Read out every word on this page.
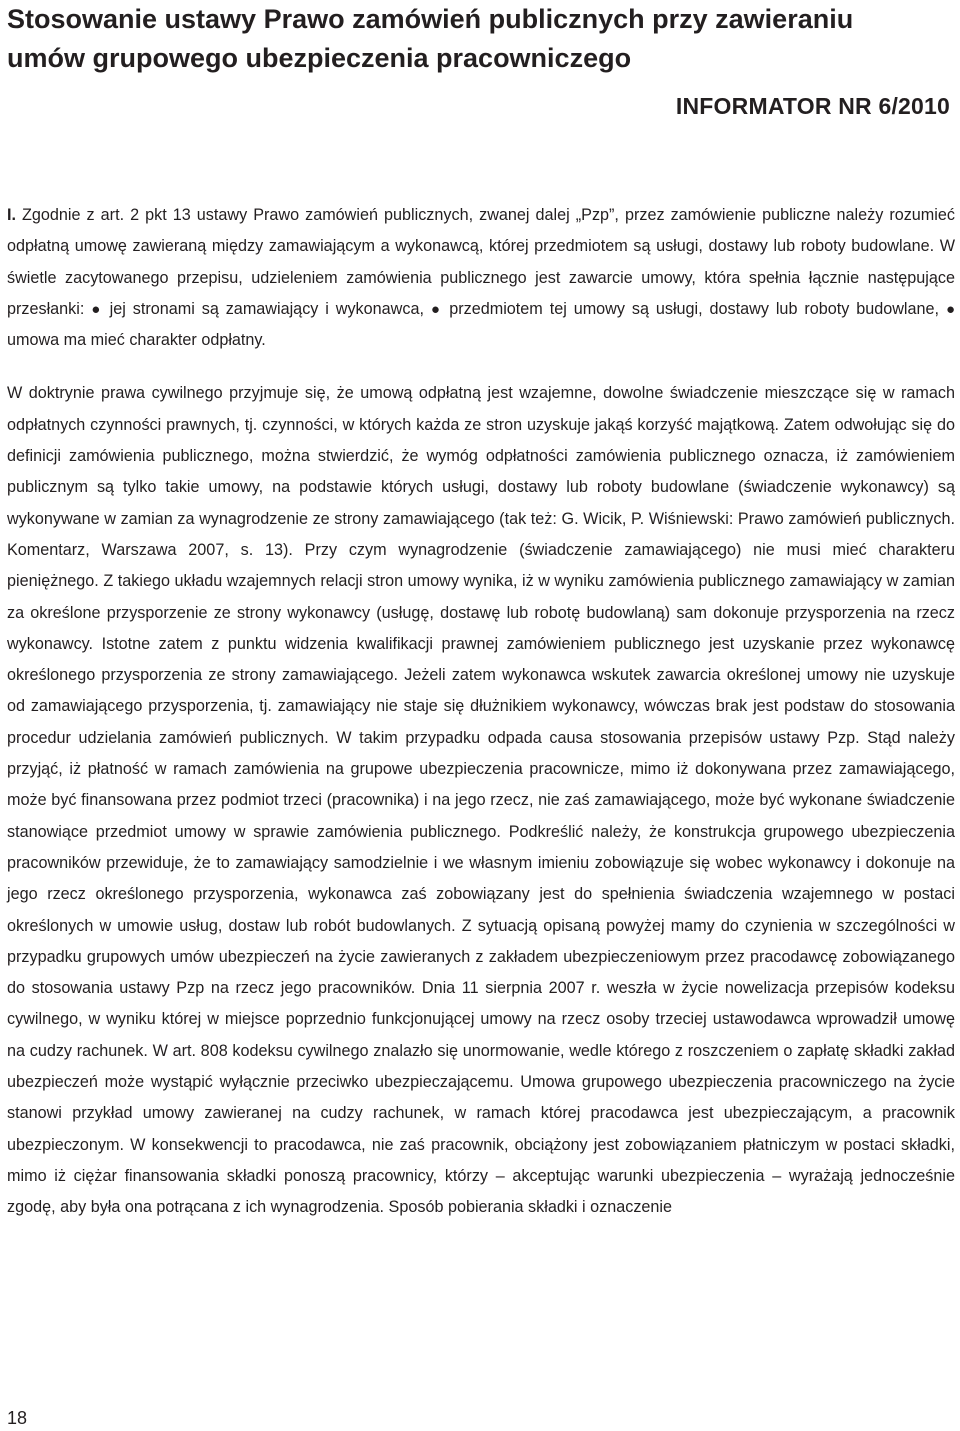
Stosowanie ustawy Prawo zamówień publicznych przy zawieraniu
umów grupowego ubezpieczenia pracowniczego
INFORMATOR NR 6/2010

I. Zgodnie z art. 2 pkt 13 ustawy Prawo zamówień publicznych, zwanej dalej „Pzp”, przez zamówienie publiczne należy rozumieć odpłatną umowę zawieraną między zamawiającym a wykonawcą, której przedmiotem są usługi, dostawy lub roboty budowlane. W świetle zacytowanego przepisu, udzieleniem zamówienia publicznego jest zawarcie umowy, która spełnia łącznie następujące przesłanki: ● jej stronami są zamawiający i wykonawca, ● przedmiotem tej umowy są usługi, dostawy lub roboty budowlane, ● umowa ma mieć charakter odpłatny.

W doktrynie prawa cywilnego przyjmuje się, że umową odpłatną jest wzajemne, dowolne świadczenie mieszczące się w ramach odpłatnych czynności prawnych, tj. czynności, w których każda ze stron uzyskuje jakąś korzyść majątkową. Zatem odwołując się do definicji zamówienia publicznego, można stwierdzić, że wymóg odpłatności zamówienia publicznego oznacza, iż zamówieniem publicznym są tylko takie umowy, na podstawie których usługi, dostawy lub roboty budowlane (świadczenie wykonawcy) są wykonywane w zamian za wynagrodzenie ze strony zamawiającego (tak też: G. Wicik, P. Wiśniewski: Prawo zamówień publicznych. Komentarz, Warszawa 2007, s. 13). Przy czym wynagrodzenie (świadczenie zamawiającego) nie musi mieć charakteru pieniężnego. Z takiego układu wzajemnych relacji stron umowy wynika, iż w wyniku zamówienia publicznego zamawiający w zamian za określone przysporzenie ze strony wykonawcy (usługę, dostawę lub robotę budowlaną) sam dokonuje przysporzenia na rzecz wykonawcy. Istotne zatem z punktu widzenia kwalifikacji prawnej zamówieniem publicznego jest uzyskanie przez wykonawcę określonego przysporzenia ze strony zamawiającego. Jeżeli zatem wykonawca wskutek zawarcia określonej umowy nie uzyskuje od zamawiającego przysporzenia, tj. zamawiający nie staje się dłużnikiem wykonawcy, wówczas brak jest podstaw do stosowania procedur udzielania zamówień publicznych. W takim przypadku odpada causa stosowania przepisów ustawy Pzp. Stąd należy przyjąć, iż płatność w ramach zamówienia na grupowe ubezpieczenia pracownicze, mimo iż dokonywana przez zamawiającego, może być finansowana przez podmiot trzeci (pracownika) i na jego rzecz, nie zaś zamawiającego, może być wykonane świadczenie stanowiące przedmiot umowy w sprawie zamówienia publicznego. Podkreślić należy, że konstrukcja grupowego ubezpieczenia pracowników przewiduje, że to zamawiający samodzielnie i we własnym imieniu zobowiązuje się wobec wykonawcy i dokonuje na jego rzecz określonego przysporzenia, wykonawca zaś zobowiązany jest do spełnienia świadczenia wzajemnego w postaci określonych w umowie usług, dostaw lub robót budowlanych. Z sytuacją opisaną powyżej mamy do czynienia w szczególności w przypadku grupowych umów ubezpieczeń na życie zawieranych z zakładem ubezpieczeniowym przez pracodawcę zobowiązanego do stosowania ustawy Pzp na rzecz jego pracowników. Dnia 11 sierpnia 2007 r. weszła w życie nowelizacja przepisów kodeksu cywilnego, w wyniku której w miejsce poprzednio funkcjonującej umowy na rzecz osoby trzeciej ustawodawca wprowadził umowę na cudzy rachunek. W art. 808 kodeksu cywilnego znalazło się unormowanie, wedle którego z roszczeniem o zapłatę składki zakład ubezpieczeń może wystąpić wyłącznie przeciwko ubezpieczającemu. Umowa grupowego ubezpieczenia pracowniczego na życie stanowi przykład umowy zawieranej na cudzy rachunek, w ramach której pracodawca jest ubezpieczającym, a pracownik ubezpieczonym. W konsekwencji to pracodawca, nie zaś pracownik, obciążony jest zobowiązaniem płatniczym w postaci składki, mimo iż ciężar finansowania składki ponoszą pracownicy, którzy – akceptując warunki ubezpieczenia – wyrażają jednocześnie zgodę, aby była ona potrącana z ich wynagrodzenia. Sposób pobierania składki i oznaczenie

18
